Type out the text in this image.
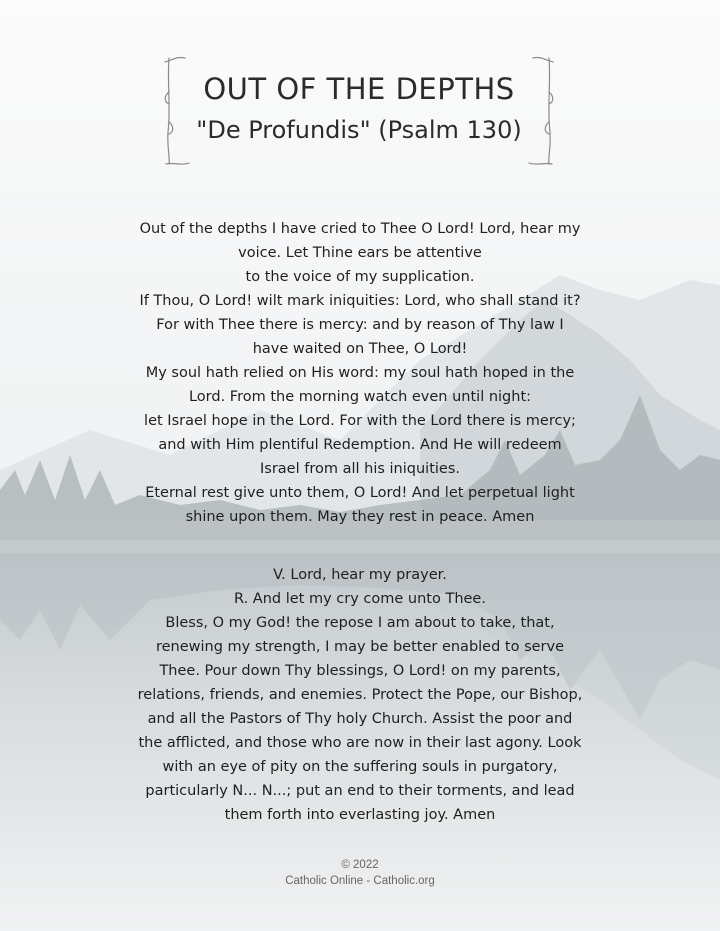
OUT OF THE DEPTHS
"De Profundis" (Psalm 130)

Out of the depths I have cried to Thee O Lord! Lord, hear my
voice. Let Thine ears be attentive
to the voice of my supplication.
If Thou, O Lord! wilt mark iniquities: Lord, who shall stand it?
For with Thee there is mercy: and by reason of Thy law I
have waited on Thee, O Lord!
My soul hath relied on His word: my soul hath hoped in the
Lord. From the morning watch even until night:
let Israel hope in the Lord. For with the Lord there is mercy;
and with Him plentiful Redemption. And He will redeem
Israel from all his iniquities.
Eternal rest give unto them, O Lord! And let perpetual light
shine upon them. May they rest in peace. Amen

V. Lord, hear my prayer.
R. And let my cry come unto Thee.
Bless, O my God! the repose I am about to take, that,
renewing my strength, I may be better enabled to serve
Thee. Pour down Thy blessings, O Lord! on my parents,
relations, friends, and enemies. Protect the Pope, our Bishop,
and all the Pastors of Thy holy Church. Assist the poor and
the afflicted, and those who are now in their last agony. Look
with an eye of pity on the suffering souls in purgatory,
particularly N... N...; put an end to their torments, and lead
them forth into everlasting joy. Amen

© 2022
Catholic Online - Catholic.org
